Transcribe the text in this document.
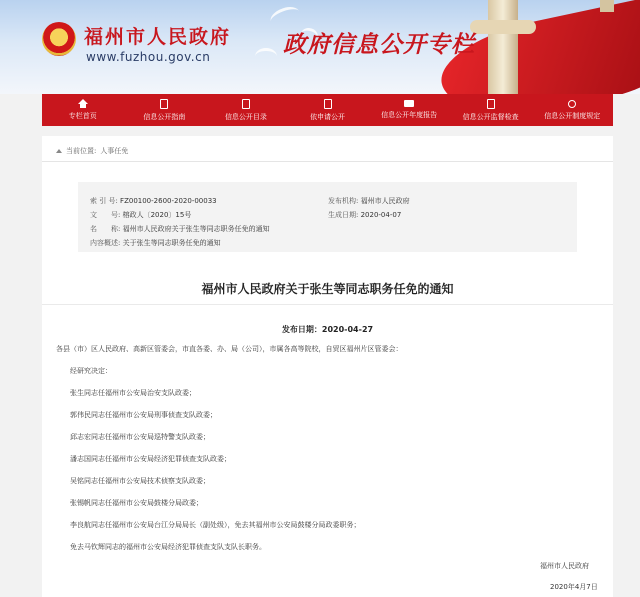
★ 福州市人民政府
www.fuzhou.gov.cn	政府信息公开专栏
专栏首页	信息公开指南	信息公开目录	依申请公开	信息公开年度报告	信息公开监督检查	信息公开制度规定
当前位置: 人事任免
索 引 号: FZ00100-2600-2020-00033	发布机构: 福州市人民政府
文　　号: 榕政人〔2020〕15号	生成日期: 2020-04-07
名　　称: 福州市人民政府关于张生等同志职务任免的通知
内容概述: 关于张生等同志职务任免的通知
福州市人民政府关于张生等同志职务任免的通知
发布日期：2020-04-27
各县（市）区人民政府、高新区管委会，市直各委、办、局（公司），市属各高等院校，自贸区福州片区管委会：
经研究决定：
张生同志任福州市公安局治安支队政委；
郭伟民同志任福州市公安局刑事侦查支队政委；
邱志宏同志任福州市公安局巡特警支队政委；
潘志国同志任福州市公安局经济犯罪侦查支队政委；
吴铭同志任福州市公安局技术侦察支队政委；
张锡帆同志任福州市公安局鼓楼分局政委；
李良航同志任福州市公安局台江分局局长（副处级），免去其福州市公安局鼓楼分局政委职务；
免去马钦辉同志的福州市公安局经济犯罪侦查支队支队长职务。
福州市人民政府
2020年4月7日
